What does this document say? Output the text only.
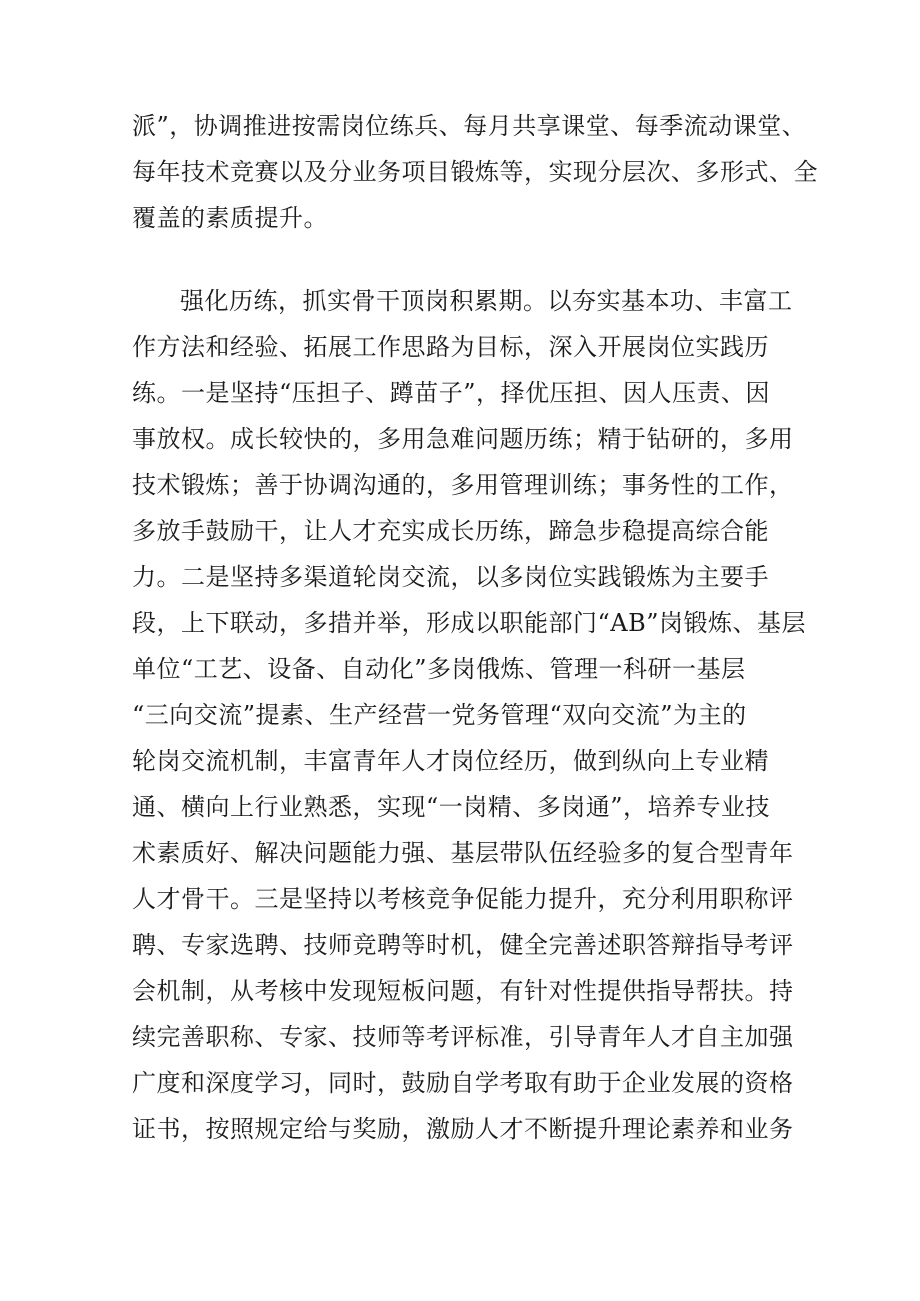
派”，协调推进按需岗位练兵、每月共享课堂、每季流动课堂、
每年技术竞赛以及分业务项目锻炼等，实现分层次、多形式、全
覆盖的素质提升。
强化历练，抓实骨干顶岗积累期。以夯实基本功、丰富工
作方法和经验、拓展工作思路为目标，深入开展岗位实践历
练。一是坚持“压担子、蹲苗子”，择优压担、因人压责、因
事放权。成长较快的，多用急难问题历练；精于钻研的，多用
技术锻炼；善于协调沟通的，多用管理训练；事务性的工作，
多放手鼓励干，让人才充实成长历练，蹄急步稳提高综合能
力。二是坚持多渠道轮岗交流，以多岗位实践锻炼为主要手
段，上下联动，多措并举，形成以职能部门“AB”岗锻炼、基层
单位“工艺、设备、自动化”多岗俄炼、管理一科研一基层
“三向交流”提素、生产经营一党务管理“双向交流”为主的
轮岗交流机制，丰富青年人才岗位经历，做到纵向上专业精
通、横向上行业熟悉，实现“一岗精、多岗通”，培养专业技
术素质好、解决问题能力强、基层带队伍经验多的复合型青年
人才骨干。三是坚持以考核竞争促能力提升，充分利用职称评
聘、专家选聘、技师竞聘等时机，健全完善述职答辩指导考评
会机制，从考核中发现短板问题，有针对性提供指导帮扶。持
续完善职称、专家、技师等考评标准，引导青年人才自主加强
广度和深度学习，同时，鼓励自学考取有助于企业发展的资格
证书，按照规定给与奖励，激励人才不断提升理论素养和业务
